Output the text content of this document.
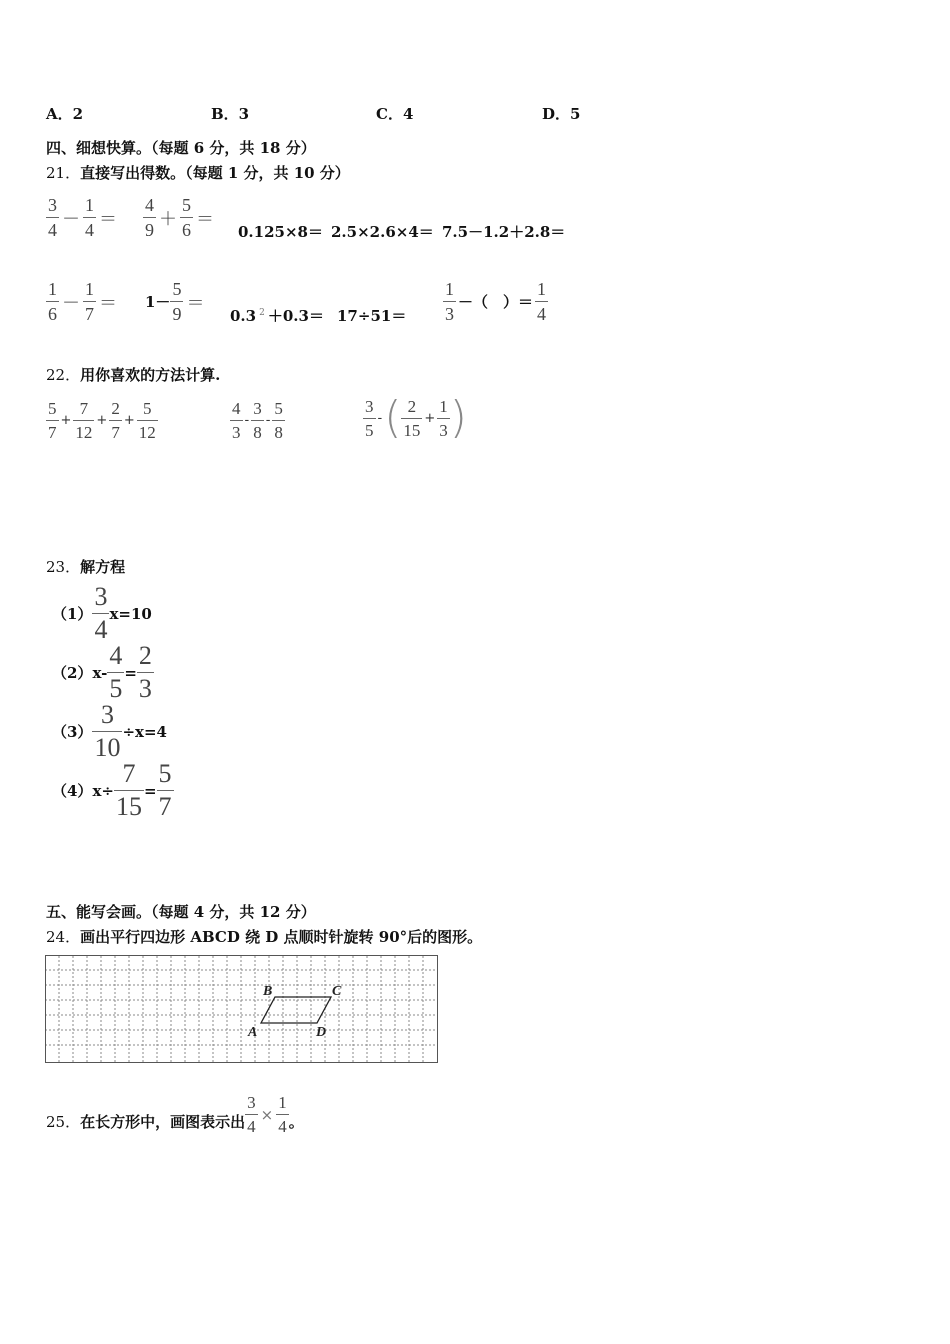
A．2	B．3	C．4	D．5
四、细想快算。（每题 6 分，共 18 分）
21．直接写出得数。（每题 1 分，共 10 分）
$\frac{3}{4} - \frac{1}{4} = \frac{4}{9} + \frac{5}{6}$ ＝
0.125×8＝ 2.5×2.6×4＝ 7.5－1.2＋2.8＝
$\frac{1}{6} - \frac{1}{7} = 1- \frac{5}{9}$ ＝
0.3 $^2 +0.3= 17\div 51= \frac{1}{3}$ －（　）＝ $\frac{1}{4}$
22．用你喜欢的方法计算.
$\frac{5}{7} + \frac{7}{12} + \frac{2}{7} + \frac{5}{12}$	$\frac{4}{3} - \frac{3}{8} - \frac{5}{8}$	$\frac{3}{5}$ - ( $\frac{2}{15} + \frac{1}{3}$ )
23．解方程
$(1) \frac{3}{4} x=10$
（2） $x- \frac{4}{5} = \frac{2}{3}$
$(3) \frac{3}{10} \div x=4$
（4） $x\div \frac{7}{15} = \frac{5}{7}$
五、能写会画。（每题 4 分，共 12 分）
24．画出平行四边形 ABCD 绕 D 点顺时针旋转 90°后的图形。
A
B	C
D
25． 在长方形中，画图表示出 $\frac{3}{4} \times \frac{1}{4}$ 。
